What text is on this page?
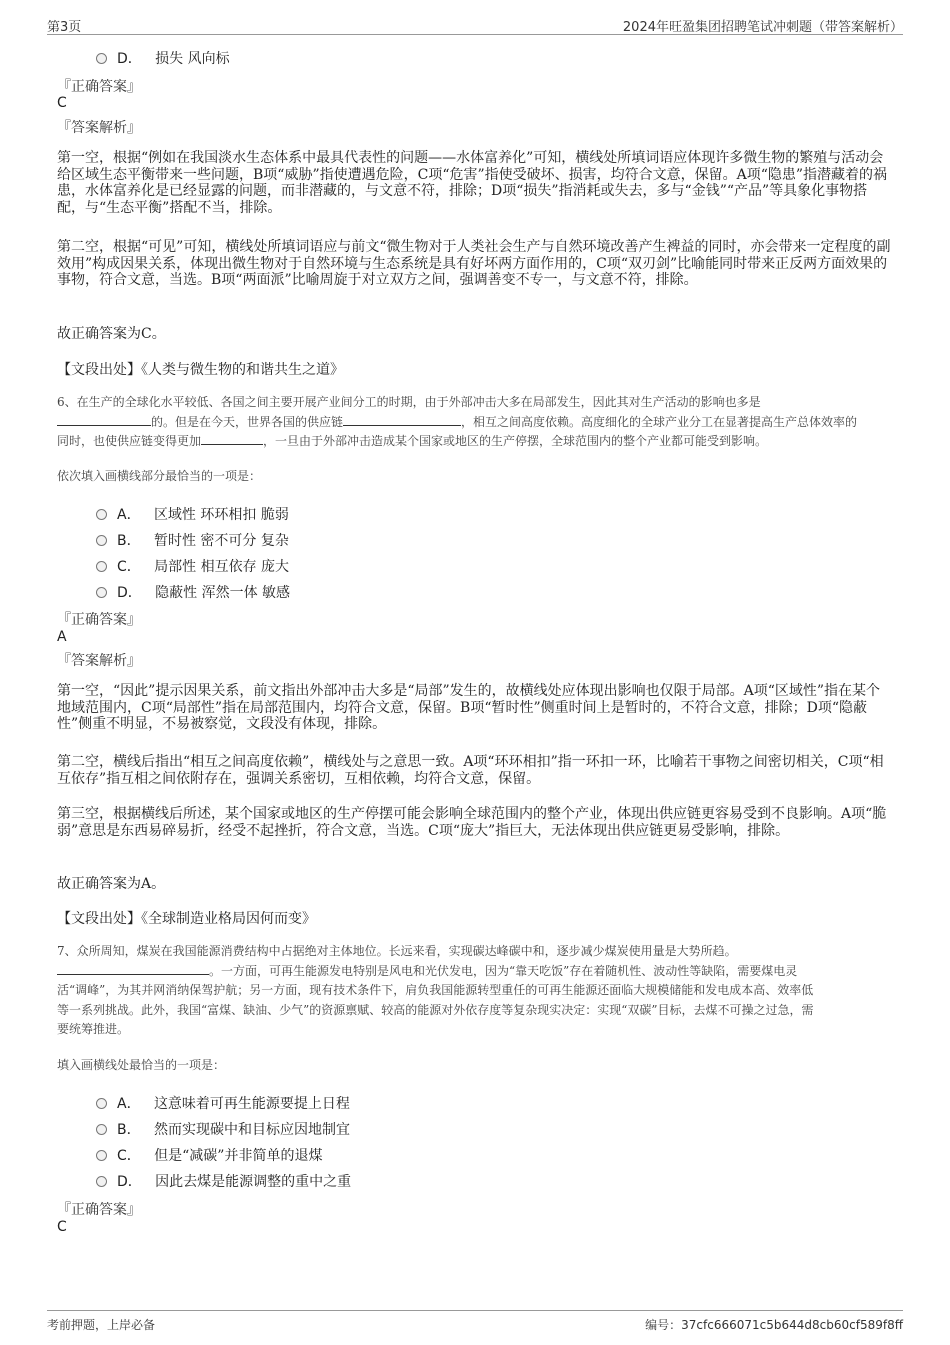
第3页	2024年旺盈集团招聘笔试冲刺题（带答案解析）
D． 损失 风向标
『正确答案』
C
『答案解析』
第一空，根据“例如在我国淡水生态体系中最具代表性的问题——水体富养化”可知，横线处所填词语应体现许多微生物的繁殖与活动会给区域生态平衡带来一些问题，B项“威胁”指使遭遇危险，C项“危害”指使受破坏、损害，均符合文意，保留。A项“隐患”指潜藏着的祸患，水体富养化是已经显露的问题，而非潜藏的，与文意不符，排除；D项“损失”指消耗或失去，多与“金钱”“产品”等具象化事物搭配，与“生态平衡”搭配不当，排除。
第二空，根据“可见”可知，横线处所填词语应与前文“微生物对于人类社会生产与自然环境改善产生裨益的同时，亦会带来一定程度的副效用”构成因果关系，体现出微生物对于自然环境与生态系统是具有好坏两方面作用的，C项“双刃剑”比喻能同时带来正反两方面效果的事物，符合文意，当选。B项“两面派”比喻周旋于对立双方之间，强调善变不专一，与文意不符，排除。
故正确答案为C。
【文段出处】《人类与微生物的和谐共生之道》
6、在生产的全球化水平较低、各国之间主要开展产业间分工的时期，由于外部冲击大多在局部发生，因此其对生产活动的影响也多是
的。但是在今天，世界各国的供应链	，相互之间高度依赖。高度细化的全球产业分工在显著提高生产总体效率的
同时，也使供应链变得更加	，一旦由于外部冲击造成某个国家或地区的生产停摆，全球范围内的整个产业都可能受到影响。
依次填入画横线部分最恰当的一项是：
A． 区域性 环环相扣 脆弱
B． 暂时性 密不可分 复杂
C． 局部性 相互依存 庞大
D． 隐蔽性 浑然一体 敏感
『正确答案』
A
『答案解析』
第一空，“因此”提示因果关系，前文指出外部冲击大多是“局部”发生的，故横线处应体现出影响也仅限于局部。A项“区域性”指在某个地域范围内，C项“局部性”指在局部范围内，均符合文意，保留。B项“暂时性”侧重时间上是暂时的，不符合文意，排除；D项“隐蔽性”侧重不明显，不易被察觉，文段没有体现，排除。
第二空，横线后指出“相互之间高度依赖”，横线处与之意思一致。A项“环环相扣”指一环扣一环，比喻若干事物之间密切相关，C项“相互依存”指互相之间依附存在，强调关系密切，互相依赖，均符合文意，保留。
第三空，根据横线后所述，某个国家或地区的生产停摆可能会影响全球范围内的整个产业，体现出供应链更容易受到不良影响。A项“脆弱”意思是东西易碎易折，经受不起挫折，符合文意，当选。C项“庞大”指巨大，无法体现出供应链更易受影响，排除。
故正确答案为A。
【文段出处】《全球制造业格局因何而变》
7、众所周知，煤炭在我国能源消费结构中占据绝对主体地位。长远来看，实现碳达峰碳中和，逐步减少煤炭使用量是大势所趋。
。一方面，可再生能源发电特别是风电和光伏发电，因为“靠天吃饭”存在着随机性、波动性等缺陷，需要煤电灵
活“调峰”，为其并网消纳保驾护航；另一方面，现有技术条件下，肩负我国能源转型重任的可再生能源还面临大规模储能和发电成本高、效率低
等一系列挑战。此外，我国“富煤、缺油、少气”的资源禀赋、较高的能源对外依存度等复杂现实决定：实现“双碳”目标，去煤不可操之过急，需
要统筹推进。
填入画横线处最恰当的一项是：
A． 这意味着可再生能源要提上日程
B． 然而实现碳中和目标应因地制宜
C． 但是“减碳”并非简单的退煤
D． 因此去煤是能源调整的重中之重
『正确答案』
C
考前押题，上岸必备	编号：37cfc666071c5b644d8cb60cf589f8ff
